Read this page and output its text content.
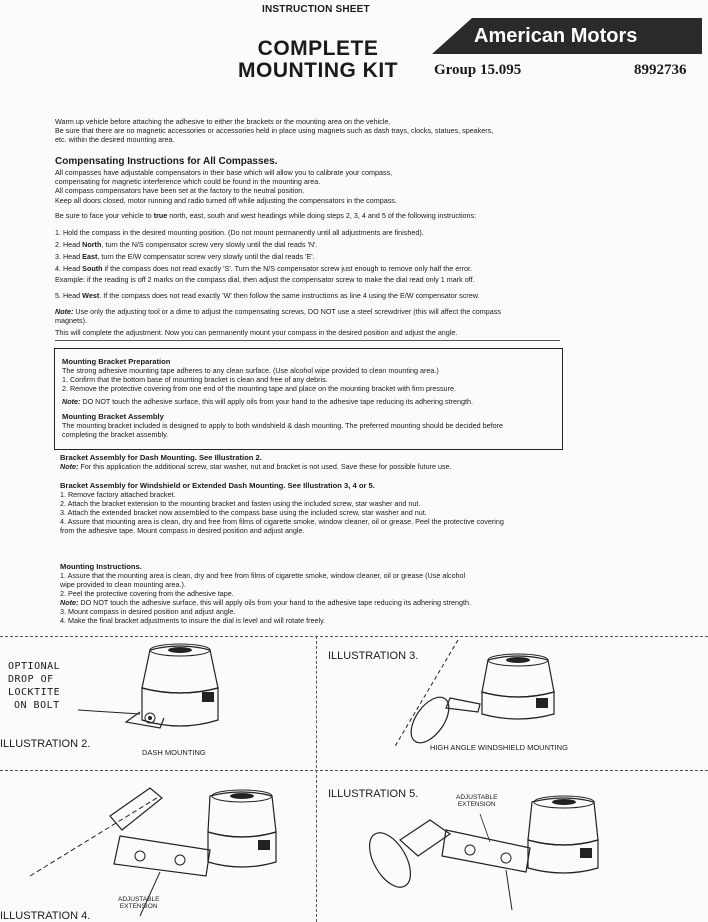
INSTRUCTION SHEET
COMPLETE
MOUNTING KIT
American Motors
Group 15.095	8992736
Warm up vehicle before attaching the adhesive to either the brackets or the mounting area on the vehicle.
Be sure that there are no magnetic accessories or accessories held in place using magnets such as dash trays, clocks, statues, speakers,
etc. within the desired mounting area.
Compensating Instructions for All Compasses.
All compasses have adjustable compensators in their base which will allow you to calibrate your compass,
compensating for magnetic interference which could be found in the mounting area.
All compass compensators have been set at the factory to the neutral position.
Keep all doors closed, motor running and radio turned off while adjusting the compensators in the compass.
Be sure to face your vehicle to true north, east, south and west headings while doing steps 2, 3, 4 and 5 of the following instructions:
1. Hold the compass in the desired mounting position. (Do not mount permanently until all adjustments are finished).
2. Head North, turn the N/S compensator screw very slowly until the dial reads 'N'.
3. Head East, turn the E/W compensator screw very slowly until the dial reads 'E'.
4. Head South if the compass does not read exactly 'S'. Turn the N/S compensator screw just enough to remove only half the error.
Example: if the reading is off 2 marks on the compass dial, then adjust the compensator screw to make the dial read only 1 mark off.
5. Head West. If the compass does not read exactly 'W' then follow the same instructions as line 4 using the E/W compensator screw.
Note: Use only the adjusting tool or a dime to adjust the compensating screws, DO NOT use a steel screwdriver (this will affect the compass
magnets).
This will complete the adjustment. Now you can permanently mount your compass in the desired position and adjust the angle.
Mounting Bracket Preparation
The strong adhesive mounting tape adheres to any clean surface. (Use alcohol wipe provided to clean mounting area.)
1. Confirm that the bottom base of mounting bracket is clean and free of any debris.
2. Remove the protective covering from one end of the mounting tape and place on the mounting bracket with firm pressure.
Note: DO NOT touch the adhesive surface, this will apply oils from your hand to the adhesive tape reducing its adhering strength.
Mounting Bracket Assembly
The mounting bracket included is designed to apply to both windshield & dash mounting. The preferred mounting should be decided before
completing the bracket assembly.
Bracket Assembly for Dash Mounting. See Illustration 2.
Note: For this application the additional screw, star washer, nut and bracket is not used. Save these for possible future use.
Bracket Assembly for Windshield or Extended Dash Mounting. See Illustration 3, 4 or 5.
1. Remove factory attached bracket.
2. Attach the bracket extension to the mounting bracket and fasten using the included screw, star washer and nut.
3. Attach the extended bracket now assembled to the compass base using the included screw, star washer and nut.
4. Assure that mounting area is clean, dry and free from films of cigarette smoke, window cleaner, oil or grease. Peel the protective covering
from the adhesive tape. Mount compass in desired position and adjust angle.
Mounting Instructions.
1. Assure that the mounting area is clean, dry and free from films of cigarette smoke, window cleaner, oil or grease (Use alcohol
wipe provided to clean mounting area.).
2. Peel the protective covering from the adhesive tape.
Note: DO NOT touch the adhesive surface, this will apply oils from your hand to the adhesive tape reducing its adhering strength.
3. Mount compass in desired position and adjust angle.
4. Make the final bracket adjustments to insure the dial is level and will rotate freely.
OPTIONAL
DROP OF
LOCKTITE
ON BOLT
ILLUSTRATION 2.
DASH MOUNTING
ILLUSTRATION 3.
HIGH ANGLE WINDSHIELD MOUNTING
ADJUSTABLE
EXTENSION
ILLUSTRATION 4.
ILLUSTRATION 5.	ADJUSTABLE
EXTENSION
